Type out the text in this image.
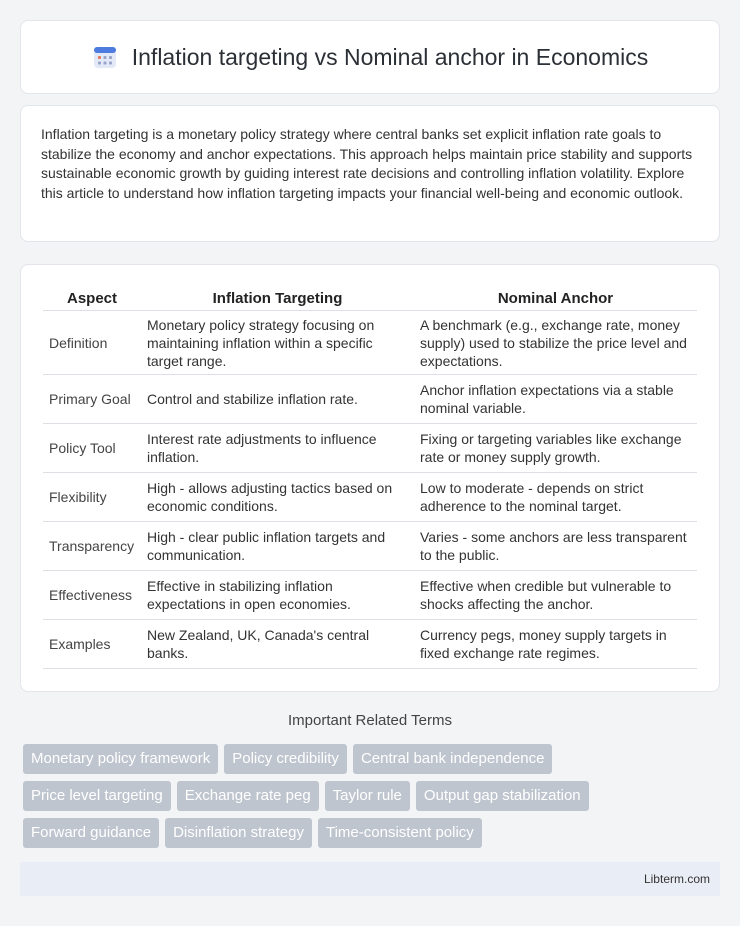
Inflation targeting vs Nominal anchor in Economics

Inflation targeting is a monetary policy strategy where central banks set explicit inflation rate goals to stabilize the economy and anchor expectations. This approach helps maintain price stability and supports sustainable economic growth by guiding interest rate decisions and controlling inflation volatility. Explore this article to understand how inflation targeting impacts your financial well-being and economic outlook.

Aspect	Inflation Targeting	Nominal Anchor
Definition	Monetary policy strategy focusing on maintaining inflation within a specific target range.	A benchmark (e.g., exchange rate, money supply) used to stabilize the price level and expectations.
Primary Goal	Control and stabilize inflation rate.	Anchor inflation expectations via a stable nominal variable.
Policy Tool	Interest rate adjustments to influence inflation.	Fixing or targeting variables like exchange rate or money supply growth.
Flexibility	High - allows adjusting tactics based on economic conditions.	Low to moderate - depends on strict adherence to the nominal target.
Transparency	High - clear public inflation targets and communication.	Varies - some anchors are less transparent to the public.
Effectiveness	Effective in stabilizing inflation expectations in open economies.	Effective when credible but vulnerable to shocks affecting the anchor.
Examples	New Zealand, UK, Canada's central banks.	Currency pegs, money supply targets in fixed exchange rate regimes.
Important Related Terms
Monetary policy framework	Policy credibility	Central bank independence
Price level targeting	Exchange rate peg	Taylor rule	Output gap stabilization
Forward guidance	Disinflation strategy	Time-consistent policy
Libterm.com
